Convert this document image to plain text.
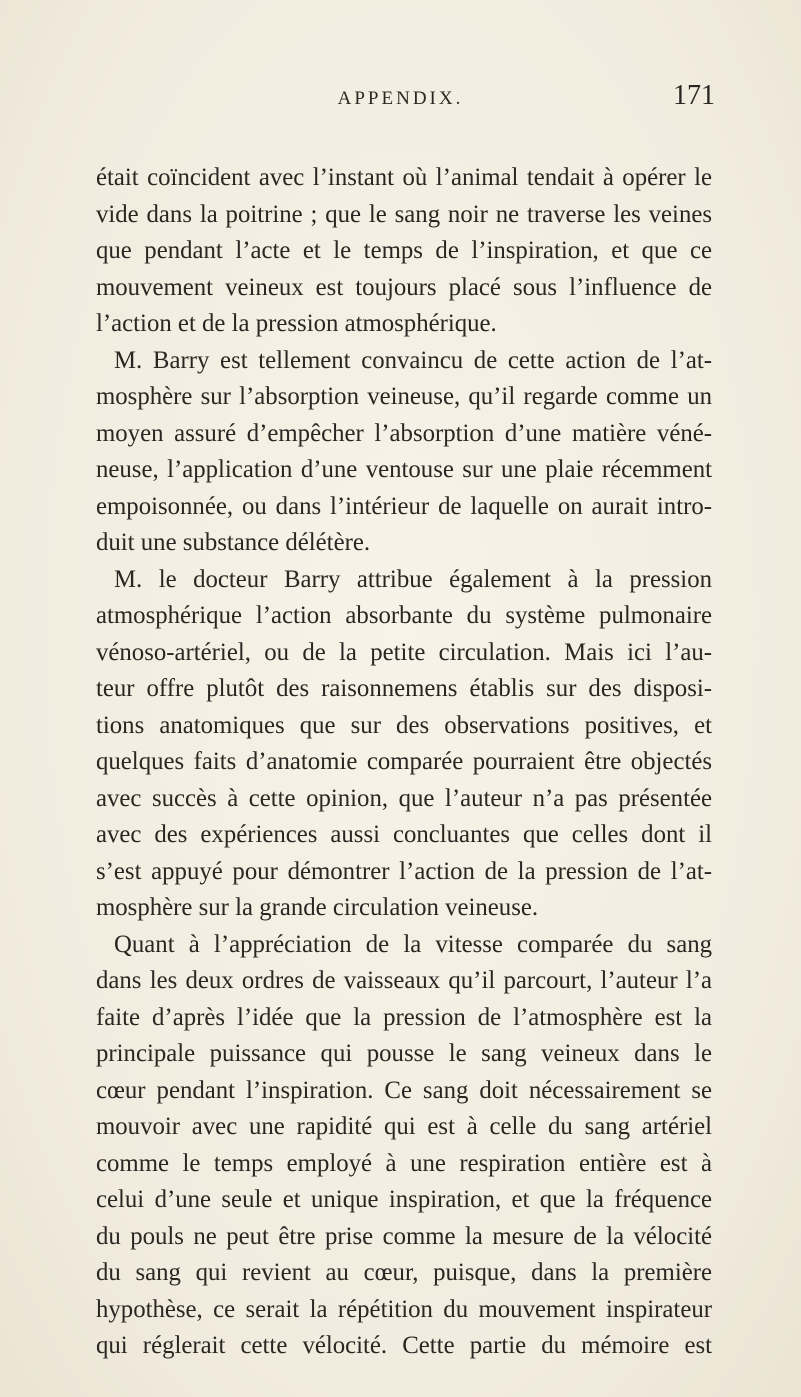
APPENDIX.	171
était coïncident avec l’instant où l’animal tendait à opérer le
vide dans la poitrine ; que le sang noir ne traverse les veines
que pendant l’acte et le temps de l’inspiration, et que ce
mouvement veineux est toujours placé sous l’influence de
l’action et de la pression atmosphérique.
M. Barry est tellement convaincu de cette action de l’at-
mosphère sur l’absorption veineuse, qu’il regarde comme un
moyen assuré d’empêcher l’absorption d’une matière véné-
neuse, l’application d’une ventouse sur une plaie récemment
empoisonnée, ou dans l’intérieur de laquelle on aurait intro-
duit une substance délétère.
M. le docteur Barry attribue également à la pression
atmosphérique l’action absorbante du système pulmonaire
vénoso-artériel, ou de la petite circulation. Mais ici l’au-
teur offre plutôt des raisonnemens établis sur des disposi-
tions anatomiques que sur des observations positives, et
quelques faits d’anatomie comparée pourraient être objectés
avec succès à cette opinion, que l’auteur n’a pas présentée
avec des expériences aussi concluantes que celles dont il
s’est appuyé pour démontrer l’action de la pression de l’at-
mosphère sur la grande circulation veineuse.
Quant à l’appréciation de la vitesse comparée du sang
dans les deux ordres de vaisseaux qu’il parcourt, l’auteur l’a
faite d’après l’idée que la pression de l’atmosphère est la
principale puissance qui pousse le sang veineux dans le
cœur pendant l’inspiration. Ce sang doit nécessairement se
mouvoir avec une rapidité qui est à celle du sang artériel
comme le temps employé à une respiration entière est à
celui d’une seule et unique inspiration, et que la fréquence
du pouls ne peut être prise comme la mesure de la vélocité
du sang qui revient au cœur, puisque, dans la première
hypothèse, ce serait la répétition du mouvement inspirateur
qui réglerait cette vélocité. Cette partie du mémoire est
